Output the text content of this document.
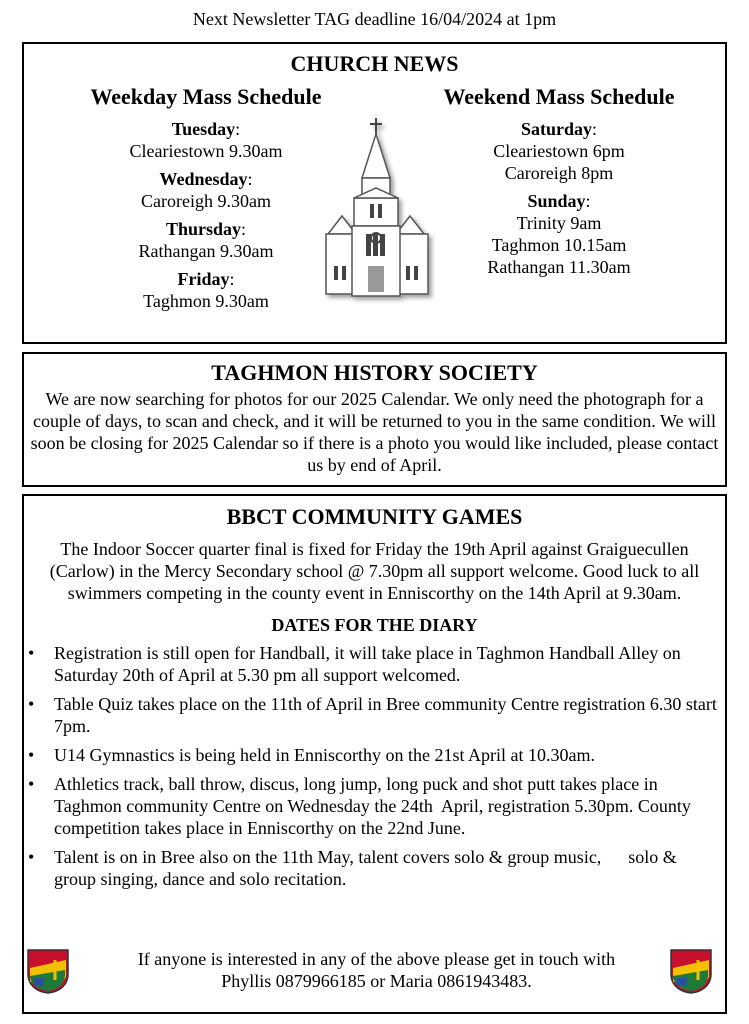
Next Newsletter TAG deadline 16/04/2024 at 1pm
CHURCH NEWS
Weekday Mass Schedule
Tuesday:
Cleariestown 9.30am
Wednesday:
Caroreigh 9.30am
Thursday:
Rathangan 9.30am
Friday:
Taghmon 9.30am
Weekend Mass Schedule
Saturday:
Cleariestown 6pm
Caroreigh 8pm
Sunday:
Trinity 9am
Taghmon 10.15am
Rathangan 11.30am
TAGHMON HISTORY SOCIETY
We are now searching for photos for our 2025 Calendar. We only need the photograph for a couple of days, to scan and check, and it will be returned to you in the same condition. We will soon be closing for 2025 Calendar so if there is a photo you would like included, please contact us by end of April.
BBCT COMMUNITY GAMES
The Indoor Soccer quarter final is fixed for Friday the 19th April against Graiguecullen (Carlow) in the Mercy Secondary school @ 7.30pm all support welcome. Good luck to all swimmers competing in the county event in Enniscorthy on the 14th April at 9.30am.
DATES FOR THE DIARY
• Registration is still open for Handball, it will take place in Taghmon Handball Alley on Saturday 20th of April at 5.30 pm all support welcomed.
• Table Quiz takes place on the 11th of April in Bree community Centre registration 6.30 start 7pm.
• U14 Gymnastics is being held in Enniscorthy on the 21st April at 10.30am.
• Athletics track, ball throw, discus, long jump, long puck and shot putt takes place in Taghmon community Centre on Wednesday the 24th  April, registration 5.30pm. County competition takes place in Enniscorthy on the 22nd June.
• Talent is on in Bree also on the 11th May, talent covers solo & group music,      solo & group singing, dance and solo recitation.
If anyone is interested in any of the above please get in touch with
Phyllis 0879966185 or Maria 0861943483.
